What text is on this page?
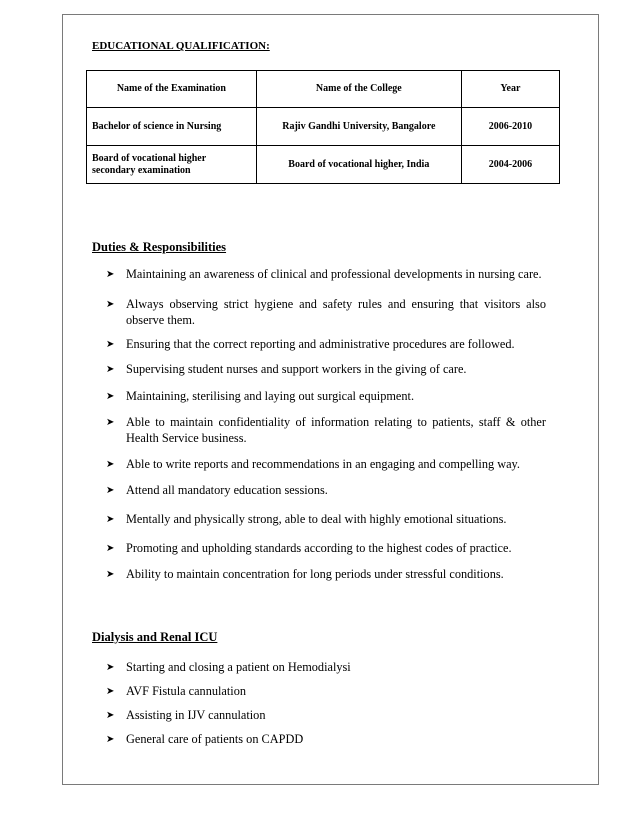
EDUCATIONAL QUALIFICATION:
Name of the Examination	Name of the College	Year
Bachelor of science in Nursing	Rajiv Gandhi University, Bangalore	2006-2010
Board of vocational higher secondary examination	Board of vocational higher, India	2004-2006
Duties & Responsibilities
➤ Maintaining an awareness of clinical and professional developments in nursing care.
➤ Always observing strict hygiene and safety rules and ensuring that visitors also observe them.
➤ Ensuring that the correct reporting and administrative procedures are followed.
➤ Supervising student nurses and support workers in the giving of care.
➤ Maintaining, sterilising and laying out surgical equipment.
➤ Able to maintain confidentiality of information relating to patients, staff & other Health Service business.
➤ Able to write reports and recommendations in an engaging and compelling way.
➤ Attend all mandatory education sessions.
➤ Mentally and physically strong, able to deal with highly emotional situations.
➤ Promoting and upholding standards according to the highest codes of practice.
➤ Ability to maintain concentration for long periods under stressful conditions.
Dialysis and Renal ICU
➤ Starting and closing a patient on Hemodialysi
➤ AVF Fistula cannulation
➤ Assisting in IJV cannulation
➤ General care of patients on CAPDD
